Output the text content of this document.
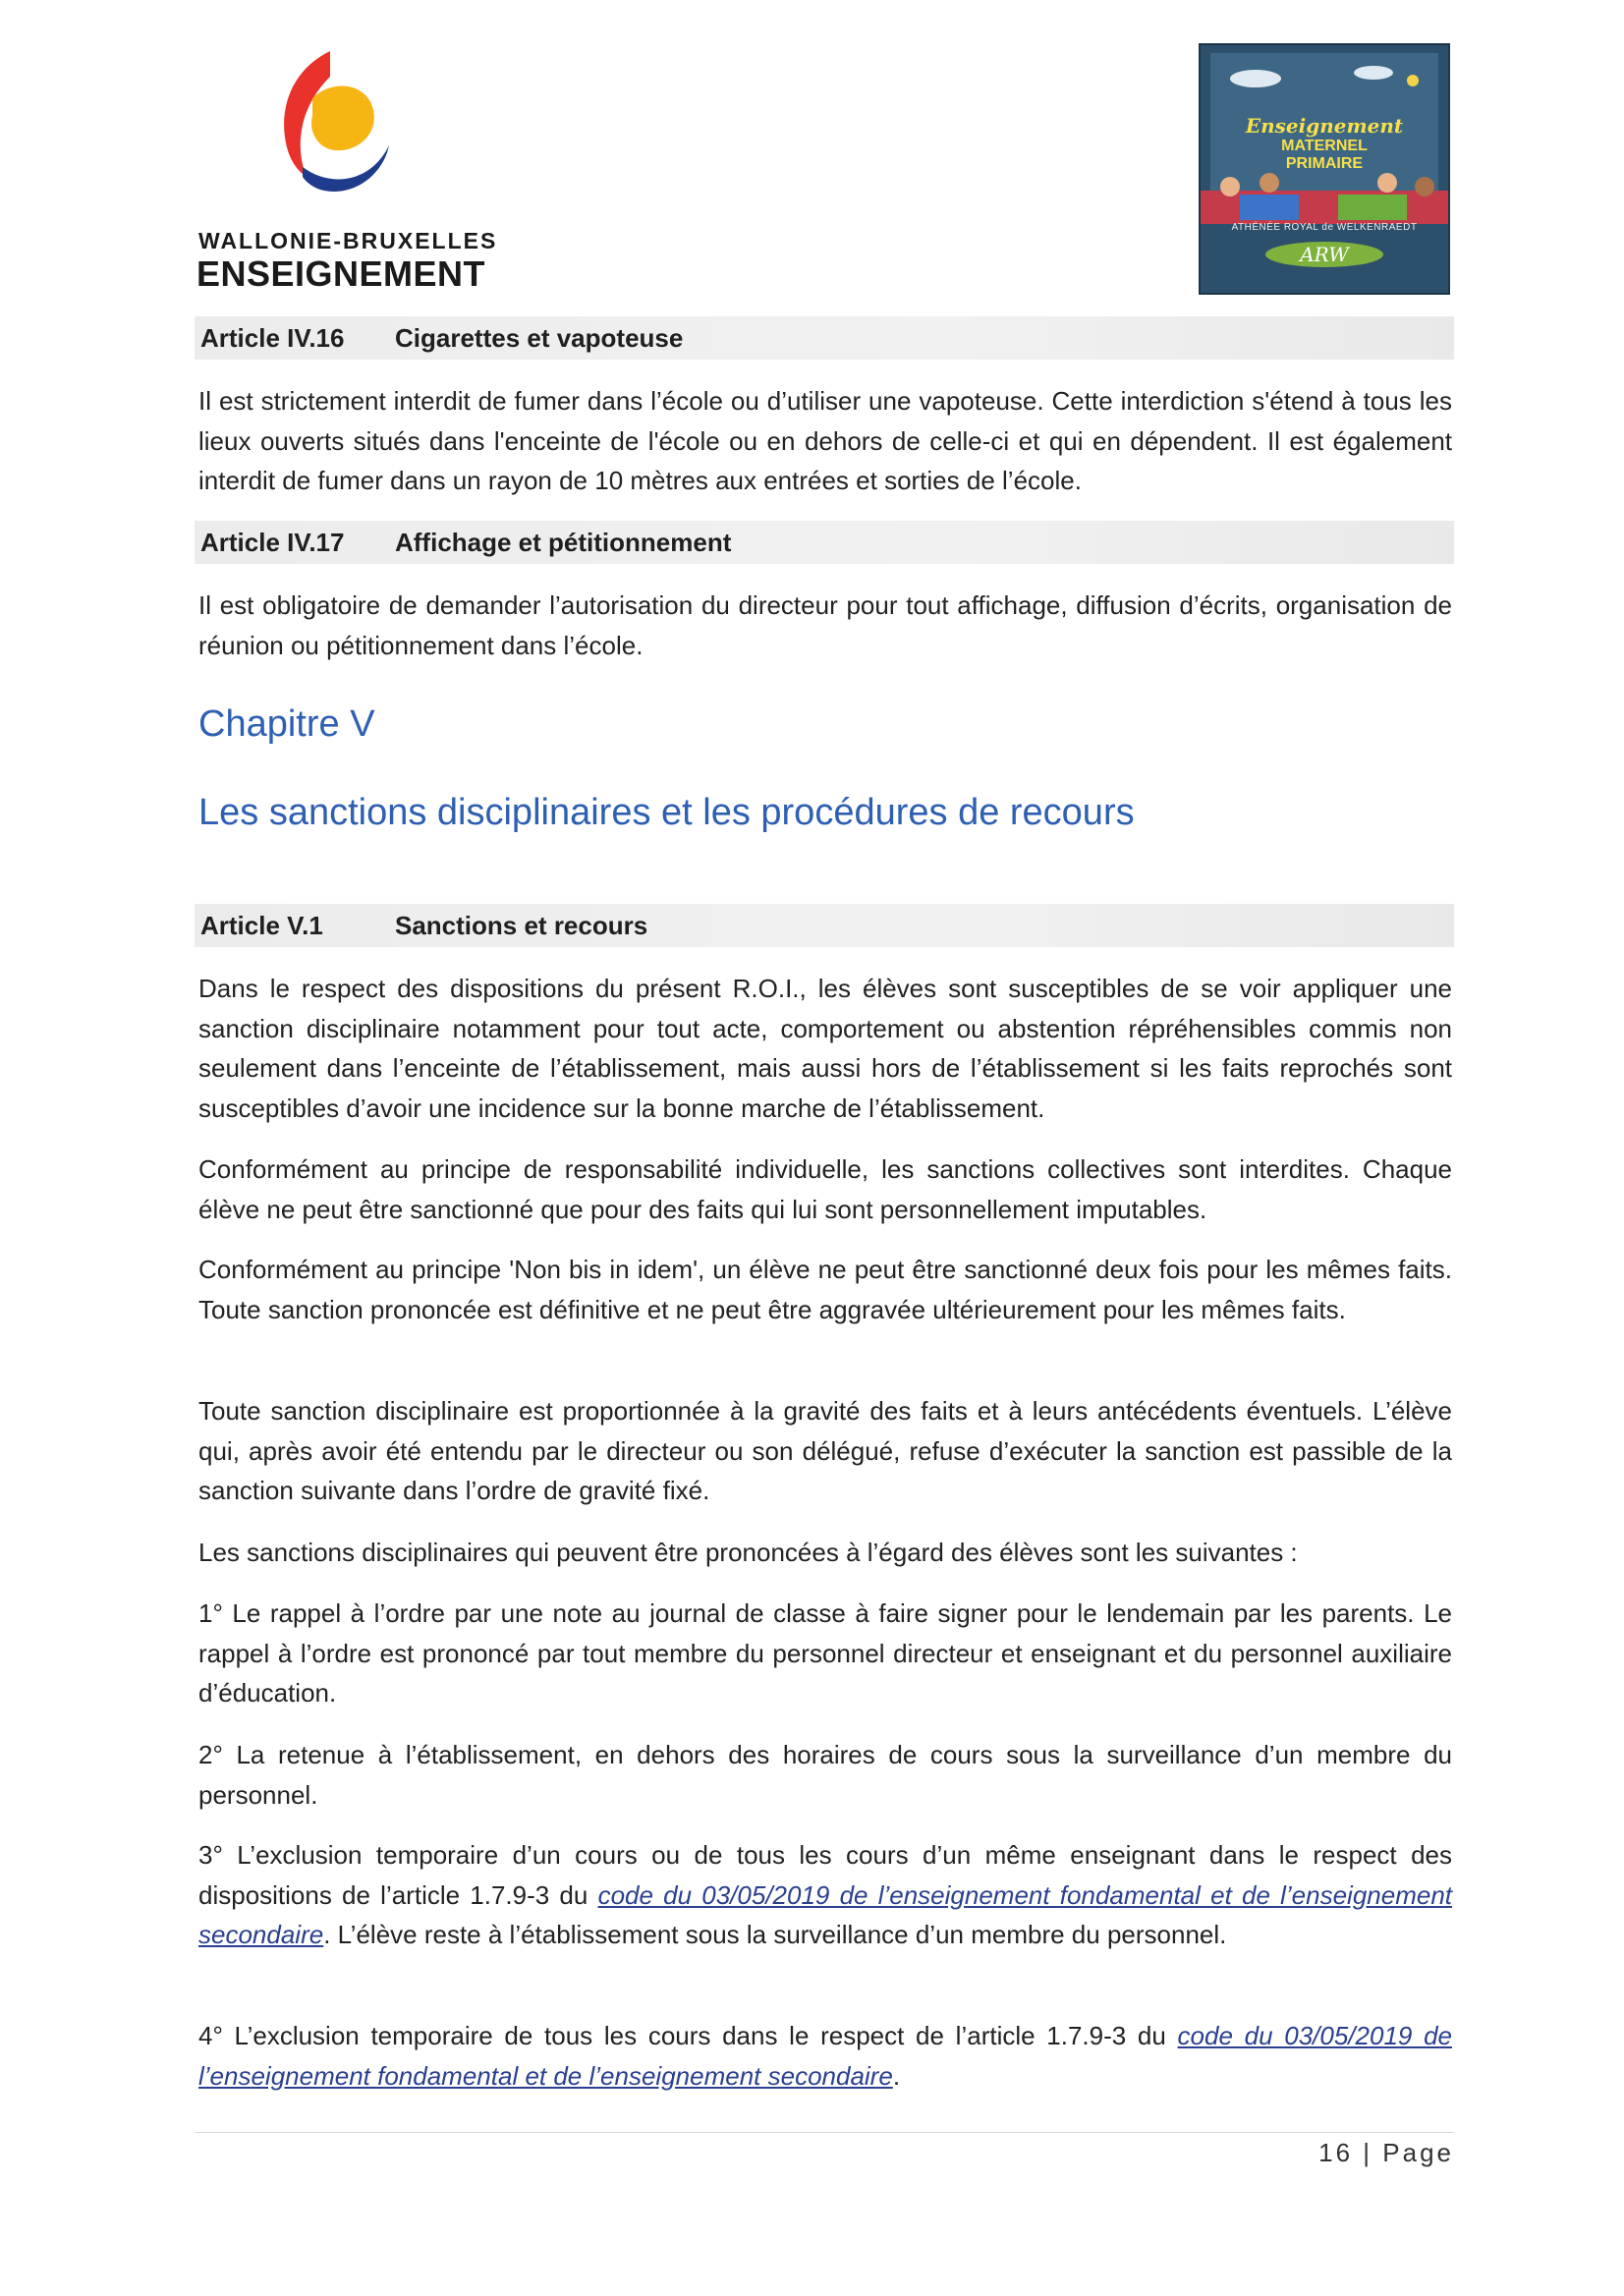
WALLONIE-BRUXELLES
ENSEIGNEMENT
Enseignement
MATERNEL
PRIMAIRE
ATHÉNÉE ROYAL de WELKENRAEDT
ARW
Article IV.16 Cigarettes et vapoteuse
Il est strictement interdit de fumer dans l’école ou d’utiliser une vapoteuse. Cette interdiction s'étend à tous les lieux ouverts situés dans l'enceinte de l'école ou en dehors de celle-ci et qui en dépendent. Il est également interdit de fumer dans un rayon de 10 mètres aux entrées et sorties de l’école.
Article IV.17 Affichage et pétitionnement
Il est obligatoire de demander l’autorisation du directeur pour tout affichage, diffusion d’écrits, organisation de réunion ou pétitionnement dans l’école.
Chapitre V
Les sanctions disciplinaires et les procédures de recours
Article V.1	Sanctions et recours
Dans le respect des dispositions du présent R.O.I., les élèves sont susceptibles de se voir appliquer une sanction disciplinaire notamment pour tout acte, comportement ou abstention répréhensibles commis non seulement dans l’enceinte de l’établissement, mais aussi hors de l’établissement si les faits reprochés sont susceptibles d’avoir une incidence sur la bonne marche de l’établissement.
Conformément au principe de responsabilité individuelle, les sanctions collectives sont interdites. Chaque élève ne peut être sanctionné que pour des faits qui lui sont personnellement imputables.
Conformément au principe 'Non bis in idem', un élève ne peut être sanctionné deux fois pour les mêmes faits. Toute sanction prononcée est définitive et ne peut être aggravée ultérieurement pour les mêmes faits.
Toute sanction disciplinaire est proportionnée à la gravité des faits et à leurs antécédents éventuels. L’élève qui, après avoir été entendu par le directeur ou son délégué, refuse d’exécuter la sanction est passible de la sanction suivante dans l’ordre de gravité fixé.
Les sanctions disciplinaires qui peuvent être prononcées à l’égard des élèves sont les suivantes :
1° Le rappel à l’ordre par une note au journal de classe à faire signer pour le lendemain par les parents. Le rappel à l’ordre est prononcé par tout membre du personnel directeur et enseignant et du personnel auxiliaire d’éducation.
2° La retenue à l’établissement, en dehors des horaires de cours sous la surveillance d’un membre du personnel.
3° L’exclusion temporaire d’un cours ou de tous les cours d’un même enseignant dans le respect des dispositions de l’article 1.7.9-3 du code du 03/05/2019 de l’enseignement fondamental et de l’enseignement secondaire. L’élève reste à l’établissement sous la surveillance d’un membre du personnel.
4° L’exclusion temporaire de tous les cours dans le respect de l’article 1.7.9-3 du code du 03/05/2019 de l’enseignement fondamental et de l’enseignement secondaire.
16 | Page
